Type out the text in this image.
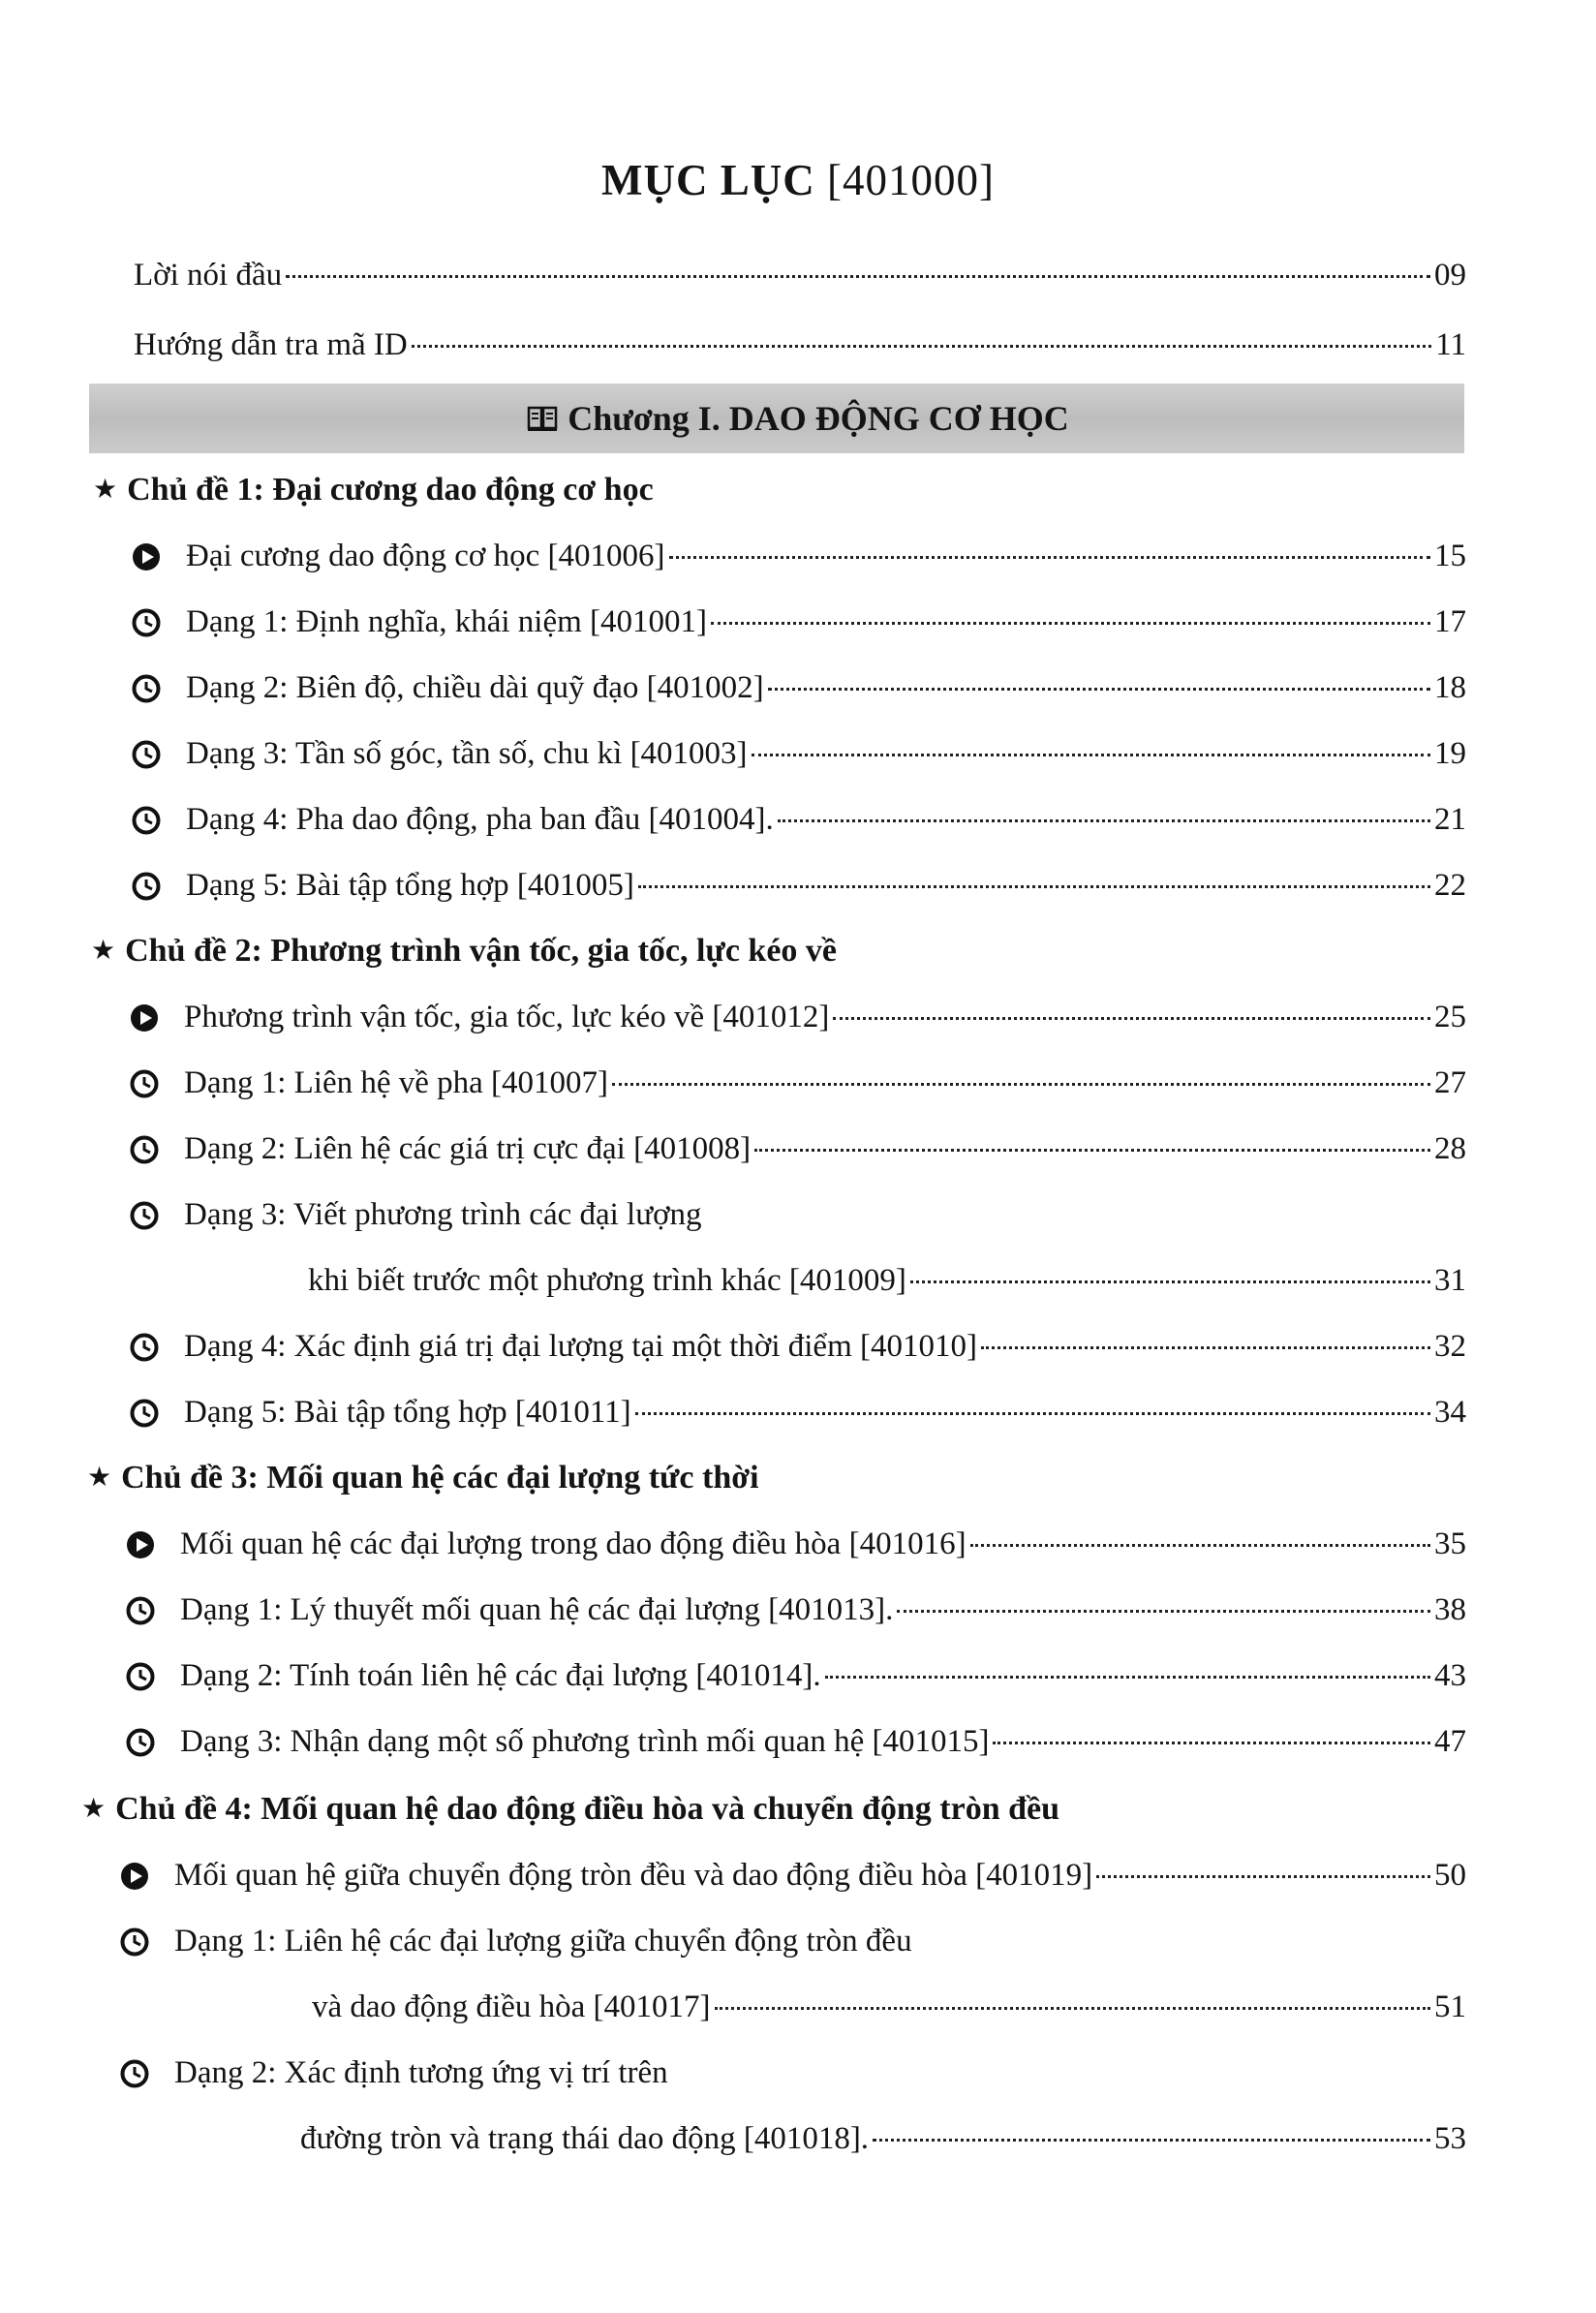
MỤC LỤC [401000]
Lời nói đầu	09
Hướng dẫn tra mã ID	11
Chương I. DAO ĐỘNG CƠ HỌC
★ Chủ đề 1: Đại cương dao động cơ học
Đại cương dao động cơ học [401006]	15
Dạng 1: Định nghĩa, khái niệm [401001]	17
Dạng 2: Biên độ, chiều dài quỹ đạo [401002]	18
Dạng 3: Tần số góc, tần số, chu kì [401003]	19
Dạng 4: Pha dao động, pha ban đầu [401004].	21
Dạng 5: Bài tập tổng hợp [401005]	22
★ Chủ đề 2: Phương trình vận tốc, gia tốc, lực kéo về
Phương trình vận tốc, gia tốc, lực kéo về [401012]	25
Dạng 1: Liên hệ về pha [401007]	27
Dạng 2: Liên hệ các giá trị cực đại [401008]	28
Dạng 3: Viết phương trình các đại lượng
khi biết trước một phương trình khác [401009]	31
Dạng 4: Xác định giá trị đại lượng tại một thời điểm [401010]	32
Dạng 5: Bài tập tổng hợp [401011]	34
★ Chủ đề 3: Mối quan hệ các đại lượng tức thời
Mối quan hệ các đại lượng trong dao động điều hòa [401016]	35
Dạng 1: Lý thuyết mối quan hệ các đại lượng [401013].	38
Dạng 2: Tính toán liên hệ các đại lượng [401014].	43
Dạng 3: Nhận dạng một số phương trình mối quan hệ [401015]	47
★ Chủ đề 4: Mối quan hệ dao động điều hòa và chuyển động tròn đều
Mối quan hệ giữa chuyển động tròn đều và dao động điều hòa [401019]	50
Dạng 1: Liên hệ các đại lượng giữa chuyển động tròn đều
và dao động điều hòa [401017]	51
Dạng 2: Xác định tương ứng vị trí trên
đường tròn và trạng thái dao động [401018].	53
